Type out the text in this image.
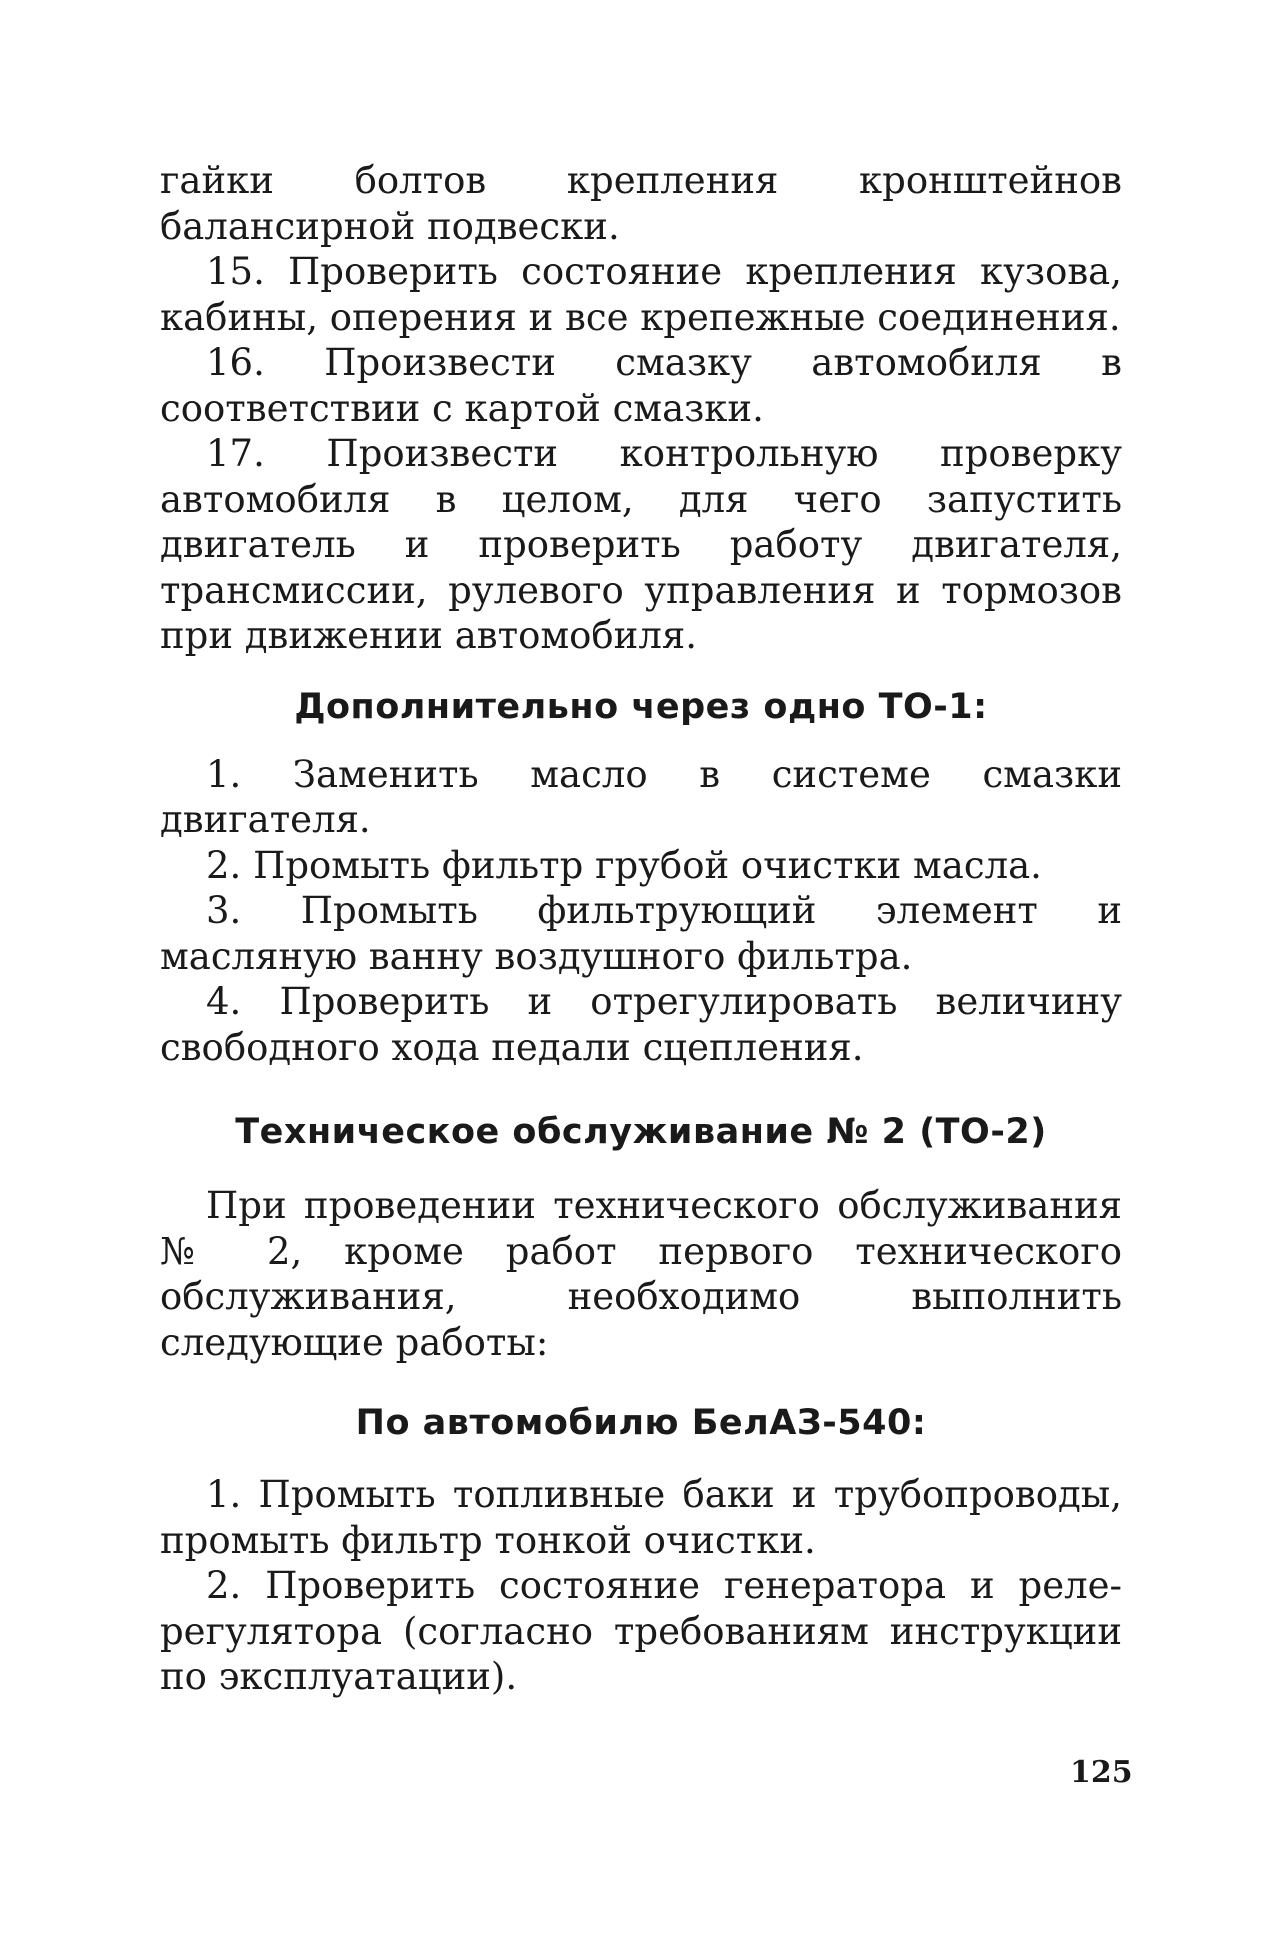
гайки болтов крепления кронштейнов балансирной подвески.

15. Проверить состояние крепления кузова, кабины, оперения и все крепежные соединения.

16. Произвести смазку автомобиля в соответствии с картой смазки.

17. Произвести контрольную проверку автомобиля в целом, для чего запустить двигатель и проверить работу двигателя, трансмиссии, рулевого управления и тормозов при движении автомобиля.

Дополнительно через одно ТО-1:

1. Заменить масло в системе смазки двигателя.

2. Промыть фильтр грубой очистки масла.

3. Промыть фильтрующий элемент и масляную ванну воздушного фильтра.

4. Проверить и отрегулировать величину свободного хода педали сцепления.

Техническое обслуживание № 2 (ТО-2)

При проведении технического обслуживания № 2, кроме работ первого технического обслуживания, необходимо выполнить следующие работы:

По автомобилю БелАЗ-540:

1. Промыть топливные баки и трубопроводы, промыть фильтр тонкой очистки.

2. Проверить состояние генератора и реле-регулятора (согласно требованиям инструкции по эксплуатации).

125
